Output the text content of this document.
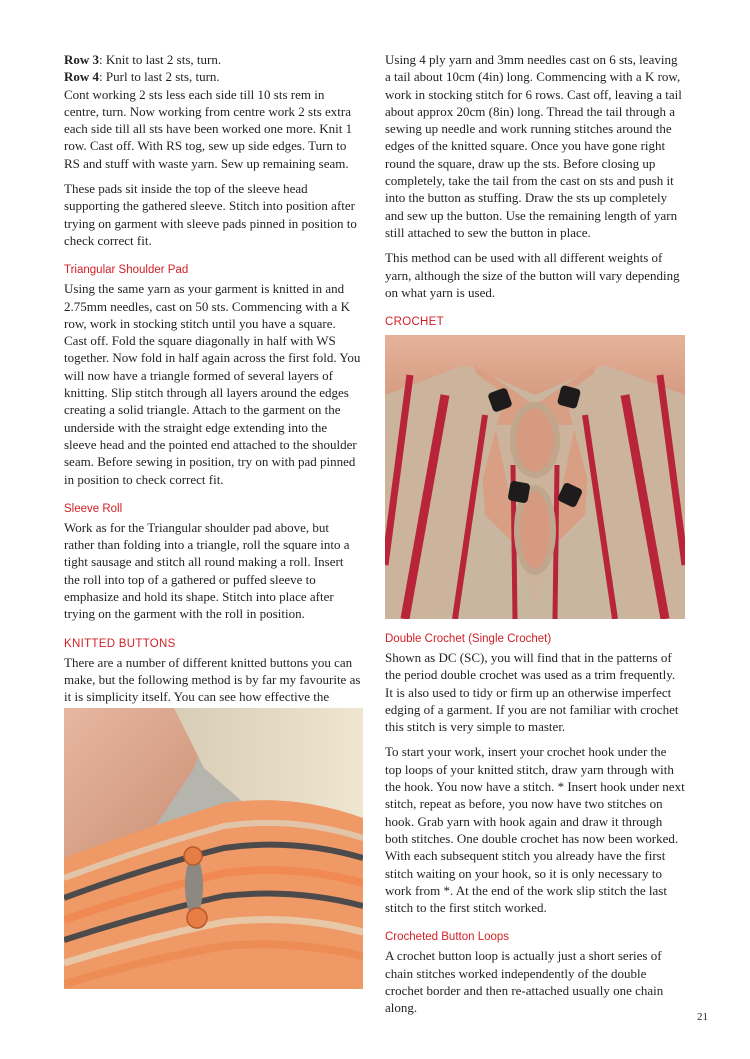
Row 3: Knit to last 2 sts, turn.
Row 4: Purl to last 2 sts, turn.
Cont working 2 sts less each side till 10 sts rem in centre, turn. Now working from centre work 2 sts extra each side till all sts have been worked one more. Knit 1 row. Cast off. With RS tog, sew up side edges. Turn to RS and stuff with waste yarn. Sew up remaining seam.

These pads sit inside the top of the sleeve head supporting the gathered sleeve. Stitch into position after trying on garment with sleeve pads pinned in position to check correct fit.

Triangular Shoulder Pad

Using the same yarn as your garment is knitted in and 2.75mm needles, cast on 50 sts. Commencing with a K row, work in stocking stitch until you have a square. Cast off. Fold the square diagonally in half with WS together. Now fold in half again across the first fold. You will now have a triangle formed of several layers of knitting. Slip stitch through all layers around the edges creating a solid triangle. Attach to the garment on the underside with the straight edge extending into the sleeve head and the pointed end attached to the shoulder seam. Before sewing in position, try on with pad pinned in position to check correct fit.

Sleeve Roll

Work as for the Triangular shoulder pad above, but rather than folding into a triangle, roll the square into a tight sausage and stitch all round making a roll. Insert the roll into top of a gathered or puffed sleeve to emphasize and hold its shape. Stitch into place after trying on the garment with the roll in position.

KNITTED BUTTONS

There are a number of different knitted buttons you can make, but the following method is by far my favourite as it is simplicity itself. You can see how effective the

Using 4 ply yarn and 3mm needles cast on 6 sts, leaving a tail about 10cm (4in) long. Commencing with a K row, work in stocking stitch for 6 rows. Cast off, leaving a tail about approx 20cm (8in) long. Thread the tail through a sewing up needle and work running stitches around the edges of the knitted square. Once you have gone right round the square, draw up the sts. Before closing up completely, take the tail from the cast on sts and push it into the button as stuffing. Draw the sts up completely and sew up the button. Use the remaining length of yarn still attached to sew the button in place.

This method can be used with all different weights of yarn, although the size of the button will vary depending on what yarn is used.

CROCHET
Double Crochet (Single Crochet)

Shown as DC (SC), you will find that in the patterns of the period double crochet was used as a trim frequently. It is also used to tidy or firm up an otherwise imperfect edging of a garment. If you are not familiar with crochet this stitch is very simple to master.

To start your work, insert your crochet hook under the top loops of your knitted stitch, draw yarn through with the hook. You now have a stitch. * Insert hook under next stitch, repeat as before, you now have two stitches on hook. Grab yarn with hook again and draw it through both stitches. One double crochet has now been worked. With each subsequent stitch you already have the first stitch waiting on your hook, so it is only necessary to work from *. At the end of the work slip stitch the last stitch to the first stitch worked.

Crocheted Button Loops

A crochet button loop is actually just a short series of chain stitches worked independently of the double crochet border and then re-attached usually one chain along.

21
